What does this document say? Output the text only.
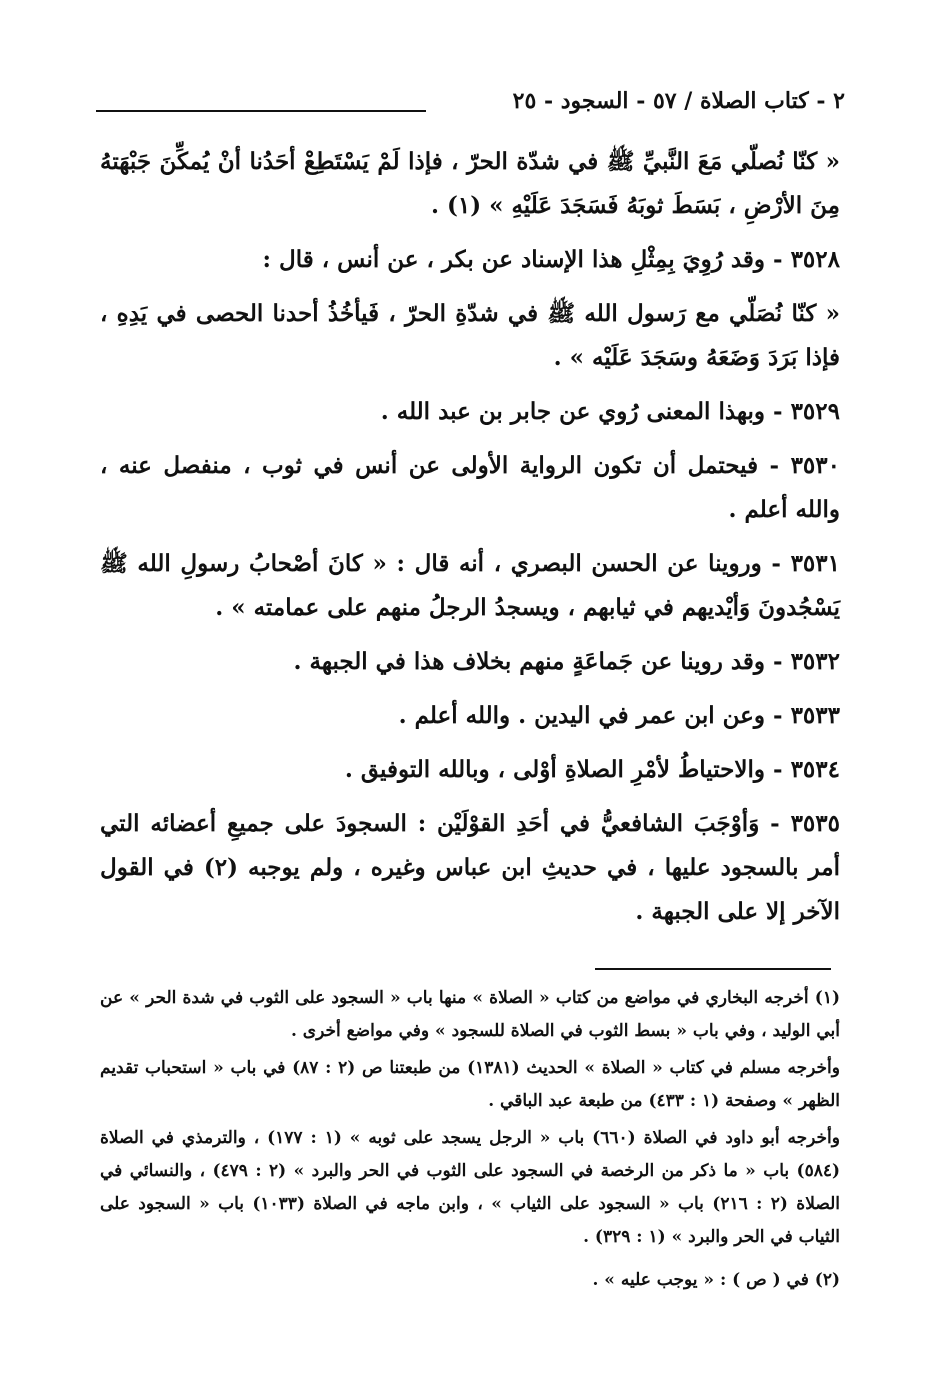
٢ - كتاب الصلاة / ٥٧ - السجود - ٢٥

« كنّا نُصلّي مَعَ النَّبيِّ ﷺ في شدّة الحرّ ، فإذا لَمْ يَسْتَطِعْ أحَدُنا أنْ يُمكِّنَ جَبْهَتهُ مِنَ الأرْضِ ، بَسَطَ ثوبَهُ فَسَجَدَ عَلَيْهِ » (١) .

٣٥٢٨ - وقد رُوِيَ بِمِثْلِ هذا الإسناد عن بكر ، عن أنس ، قال :

« كنّا نُصَلّي مع رَسول الله ﷺ في شدّةِ الحرّ ، فَيأخُذُ أحدنا الحصى في يَدِهِ ، فإذا بَرَدَ وَضَعَهُ وسَجَدَ عَلَيْه » .

٣٥٢٩ - وبهذا المعنى رُوي عن جابر بن عبد الله .

٣٥٣٠ - فيحتمل أن تكون الرواية الأولى عن أنس في ثوب ، منفصل عنه ، والله أعلم .

٣٥٣١ - وروينا عن الحسن البصري ، أنه قال : « كانَ أصْحابُ رسولِ الله ﷺ يَسْجُدونَ وَأيْديهم في ثيابهم ، ويسجدُ الرجلُ منهم على عمامته » .

٣٥٣٢ - وقد روينا عن جَماعَةٍ منهم بخلاف هذا في الجبهة .

٣٥٣٣ - وعن ابن عمر في اليدين . والله أعلم .

٣٥٣٤ - والاحتياطُ لأمْرِ الصلاةِ أوْلى ، وبالله التوفيق .

٣٥٣٥ - وَأوْجَبَ الشافعيُّ في أحَدِ القوْلَيْن : السجودَ على جميعِ أعضائه التي أمر بالسجود عليها ، في حديثِ ابن عباس وغيره ، ولم يوجبه (٢) في القول الآخر إلا على الجبهة .

(١) أخرجه البخاري في مواضع من كتاب « الصلاة » منها باب « السجود على الثوب في شدة الحر » عن أبي الوليد ، وفي باب « بسط الثوب في الصلاة للسجود » وفي مواضع أخرى .

وأخرجه مسلم في كتاب « الصلاة » الحديث (١٣٨١) من طبعتنا ص (٢ : ٨٧) في باب « استحباب تقديم الظهر » وصفحة (١ : ٤٣٣) من طبعة عبد الباقي .

وأخرجه أبو داود في الصلاة (٦٦٠) باب « الرجل يسجد على ثوبه » (١ : ١٧٧) ، والترمذي في الصلاة (٥٨٤) باب « ما ذكر من الرخصة في السجود على الثوب في الحر والبرد » (٢ : ٤٧٩) ، والنسائي في الصلاة (٢ : ٢١٦) باب « السجود على الثياب » ، وابن ماجه في الصلاة (١٠٣٣) باب « السجود على الثياب في الحر والبرد » (١ : ٣٢٩) .

(٢) في ( ص ) : « يوجب عليه » .
